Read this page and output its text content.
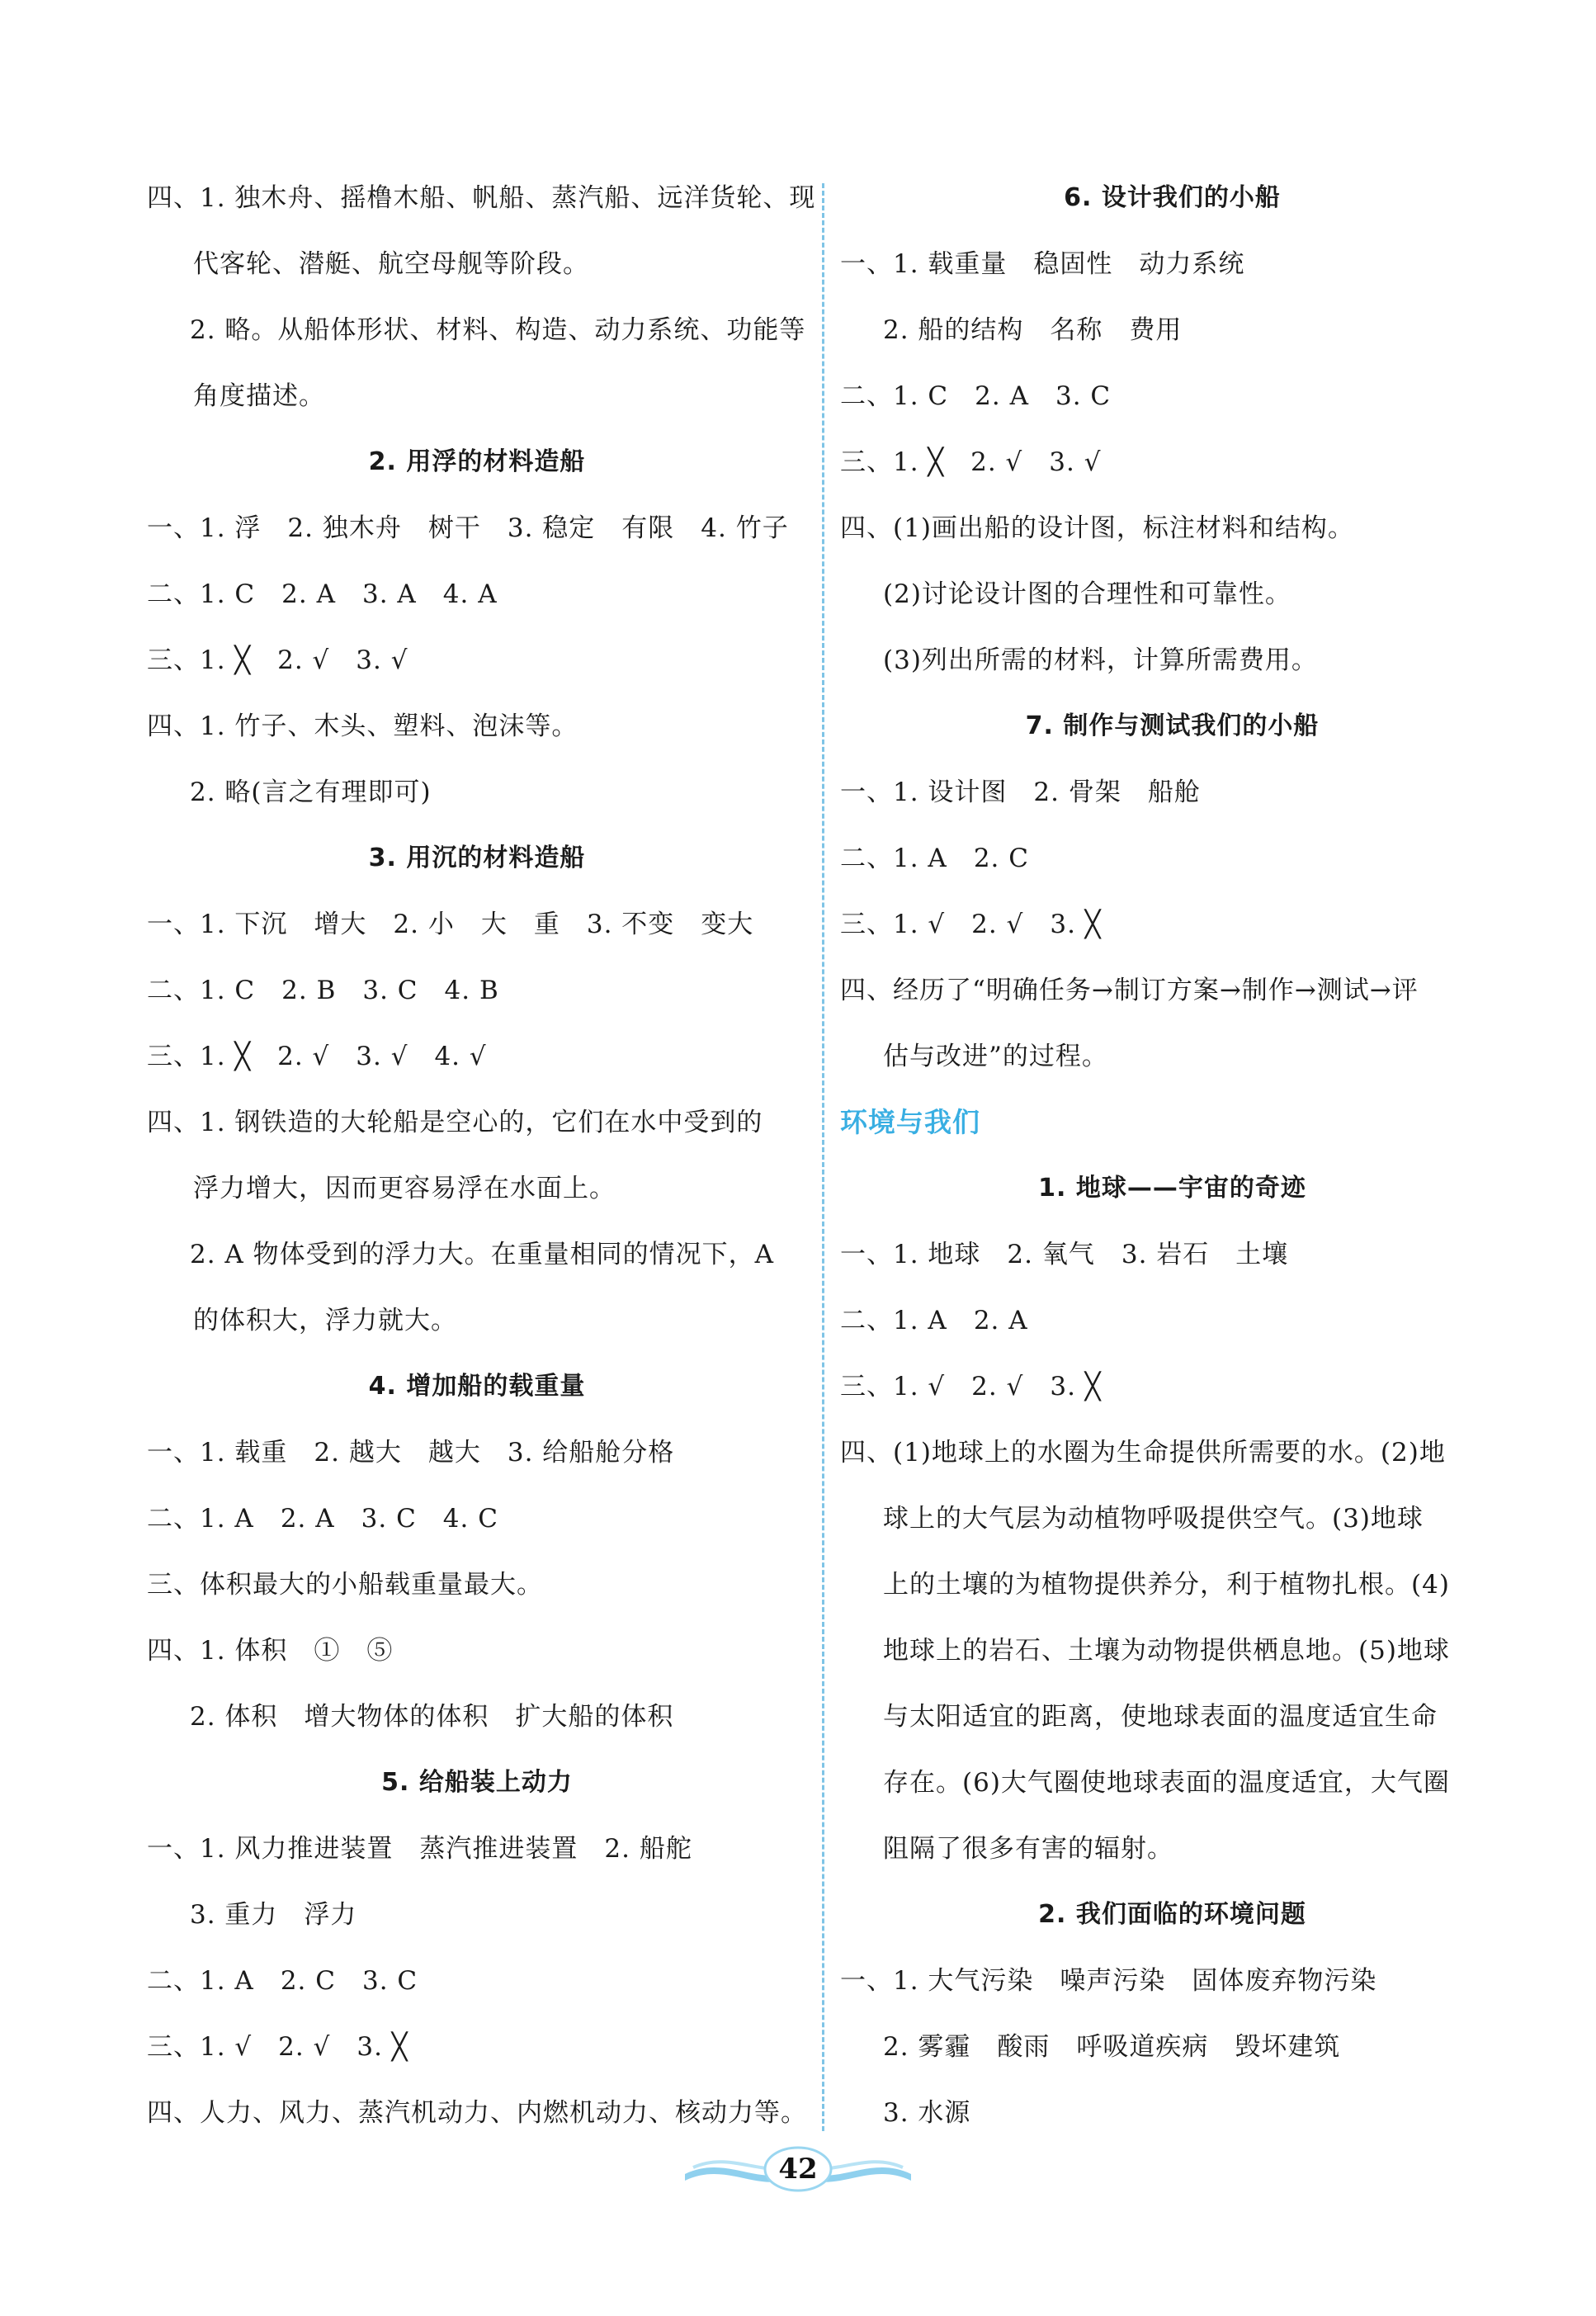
四、1. 独木舟、摇橹木船、帆船、蒸汽船、远洋货轮、现
代客轮、潜艇、航空母舰等阶段。
2. 略。从船体形状、材料、构造、动力系统、功能等
角度描述。
2. 用浮的材料造船
一、1. 浮　2. 独木舟　树干　3. 稳定　有限　4. 竹子
二、1. C　2. A　3. A　4. A
三、1. ╳　2. √　3. √
四、1. 竹子、木头、塑料、泡沫等。
2. 略(言之有理即可)
3. 用沉的材料造船
一、1. 下沉　增大　2. 小　大　重　3. 不变　变大
二、1. C　2. B　3. C　4. B
三、1. ╳　2. √　3. √　4. √
四、1. 钢铁造的大轮船是空心的，它们在水中受到的
浮力增大，因而更容易浮在水面上。
2. A 物体受到的浮力大。在重量相同的情况下，A
的体积大，浮力就大。
4. 增加船的载重量
一、1. 载重　2. 越大　越大　3. 给船舱分格
二、1. A　2. A　3. C　4. C
三、体积最大的小船载重量最大。
四、1. 体积　①　⑤
2. 体积　增大物体的体积　扩大船的体积
5. 给船装上动力
一、1. 风力推进装置　蒸汽推进装置　2. 船舵
3. 重力　浮力
二、1. A　2. C　3. C
三、1. √　2. √　3. ╳
四、人力、风力、蒸汽机动力、内燃机动力、核动力等。
6. 设计我们的小船
一、1. 载重量　稳固性　动力系统
2. 船的结构　名称　费用
二、1. C　2. A　3. C
三、1. ╳　2. √　3. √
四、(1)画出船的设计图，标注材料和结构。
(2)讨论设计图的合理性和可靠性。
(3)列出所需的材料，计算所需费用。
7. 制作与测试我们的小船
一、1. 设计图　2. 骨架　船舱
二、1. A　2. C
三、1. √　2. √　3. ╳
四、经历了“明确任务→制订方案→制作→测试→评
估与改进”的过程。
环境与我们
1. 地球——宇宙的奇迹
一、1. 地球　2. 氧气　3. 岩石　土壤
二、1. A　2. A
三、1. √　2. √　3. ╳
四、(1)地球上的水圈为生命提供所需要的水。(2)地
球上的大气层为动植物呼吸提供空气。(3)地球
上的土壤的为植物提供养分，利于植物扎根。(4)
地球上的岩石、土壤为动物提供栖息地。(5)地球
与太阳适宜的距离，使地球表面的温度适宜生命
存在。(6)大气圈使地球表面的温度适宜，大气圈
阻隔了很多有害的辐射。
2. 我们面临的环境问题
一、1. 大气污染　噪声污染　固体废弃物污染
2. 雾霾　酸雨　呼吸道疾病　毁坏建筑
3. 水源
42
